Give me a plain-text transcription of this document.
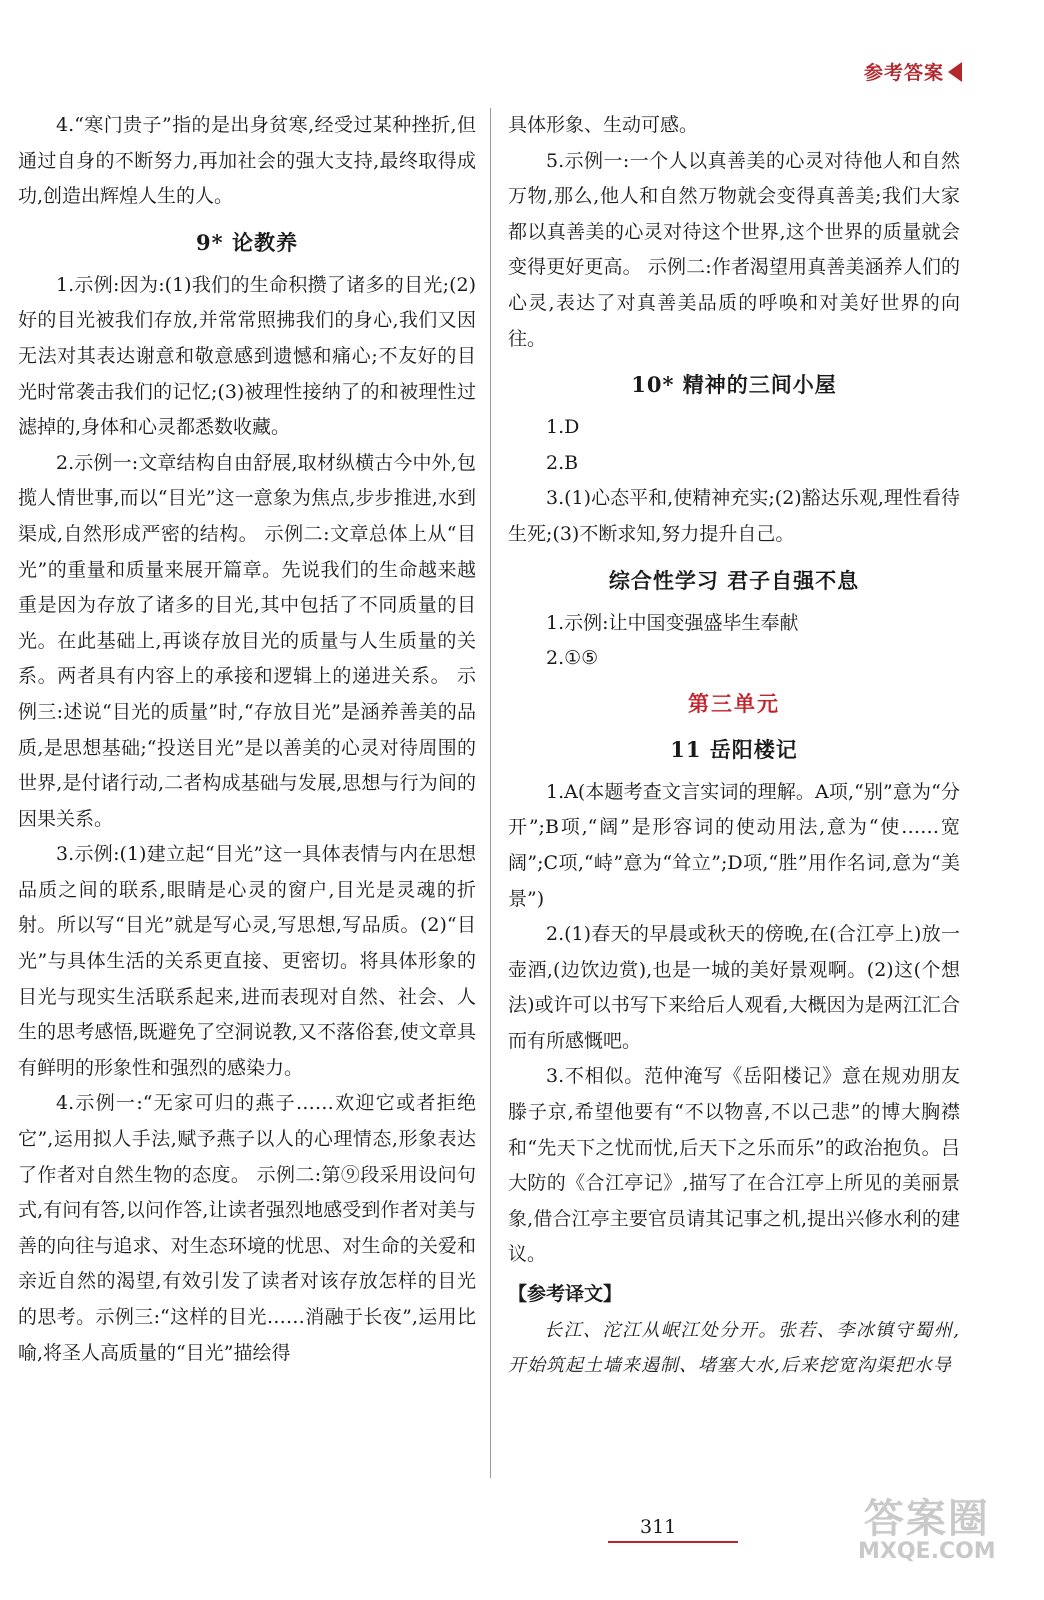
参考答案

4.“寒门贵子”指的是出身贫寒,经受过某种挫折,但通过自身的不断努力,再加社会的强大支持,最终取得成功,创造出辉煌人生的人。

9* 论教养

1.示例:因为:(1)我们的生命积攒了诸多的目光;(2)好的目光被我们存放,并常常照拂我们的身心,我们又因无法对其表达谢意和敬意感到遗憾和痛心;不友好的目光时常袭击我们的记忆;(3)被理性接纳了的和被理性过滤掉的,身体和心灵都悉数收藏。

2.示例一:文章结构自由舒展,取材纵横古今中外,包揽人情世事,而以“目光”这一意象为焦点,步步推进,水到渠成,自然形成严密的结构。 示例二:文章总体上从“目光”的重量和质量来展开篇章。先说我们的生命越来越重是因为存放了诸多的目光,其中包括了不同质量的目光。在此基础上,再谈存放目光的质量与人生质量的关系。两者具有内容上的承接和逻辑上的递进关系。 示例三:述说“目光的质量”时,“存放目光”是涵养善美的品质,是思想基础;“投送目光”是以善美的心灵对待周围的世界,是付诸行动,二者构成基础与发展,思想与行为间的因果关系。

3.示例:(1)建立起“目光”这一具体表情与内在思想品质之间的联系,眼睛是心灵的窗户,目光是灵魂的折射。所以写“目光”就是写心灵,写思想,写品质。(2)“目光”与具体生活的关系更直接、更密切。将具体形象的目光与现实生活联系起来,进而表现对自然、社会、人生的思考感悟,既避免了空洞说教,又不落俗套,使文章具有鲜明的形象性和强烈的感染力。

4.示例一:“无家可归的燕子……欢迎它或者拒绝它”,运用拟人手法,赋予燕子以人的心理情态,形象表达了作者对自然生物的态度。 示例二:第⑨段采用设问句式,有问有答,以问作答,让读者强烈地感受到作者对美与善的向往与追求、对生态环境的忧思、对生命的关爱和亲近自然的渴望,有效引发了读者对该存放怎样的目光的思考。示例三:“这样的目光……消融于长夜”,运用比喻,将圣人高质量的“目光”描绘得

具体形象、生动可感。

5.示例一:一个人以真善美的心灵对待他人和自然万物,那么,他人和自然万物就会变得真善美;我们大家都以真善美的心灵对待这个世界,这个世界的质量就会变得更好更高。 示例二:作者渴望用真善美涵养人们的心灵,表达了对真善美品质的呼唤和对美好世界的向往。

10* 精神的三间小屋

1.D

2.B

3.(1)心态平和,使精神充实;(2)豁达乐观,理性看待生死;(3)不断求知,努力提升自己。

综合性学习 君子自强不息

1.示例:让中国变强盛毕生奉献

2.①⑤

第三单元
11 岳阳楼记

1.A(本题考查文言实词的理解。A项,“别”意为“分开”;B项,“阔”是形容词的使动用法,意为“使……宽阔”;C项,“峙”意为“耸立”;D项,“胜”用作名词,意为“美景”)

2.(1)春天的早晨或秋天的傍晚,在(合江亭上)放一壶酒,(边饮边赏),也是一城的美好景观啊。(2)这(个想法)或许可以书写下来给后人观看,大概因为是两江汇合而有所感慨吧。

3.不相似。范仲淹写《岳阳楼记》意在规劝朋友滕子京,希望他要有“不以物喜,不以己悲”的博大胸襟和“先天下之忧而忧,后天下之乐而乐”的政治抱负。吕大防的《合江亭记》,描写了在合江亭上所见的美丽景象,借合江亭主要官员请其记事之机,提出兴修水利的建议。

【参考译文】

长江、沱江从岷江处分开。张若、李冰镇守蜀州,开始筑起土墙来遏制、堵塞大水,后来挖宽沟渠把水导

311	答案圈
MXQE.COM
